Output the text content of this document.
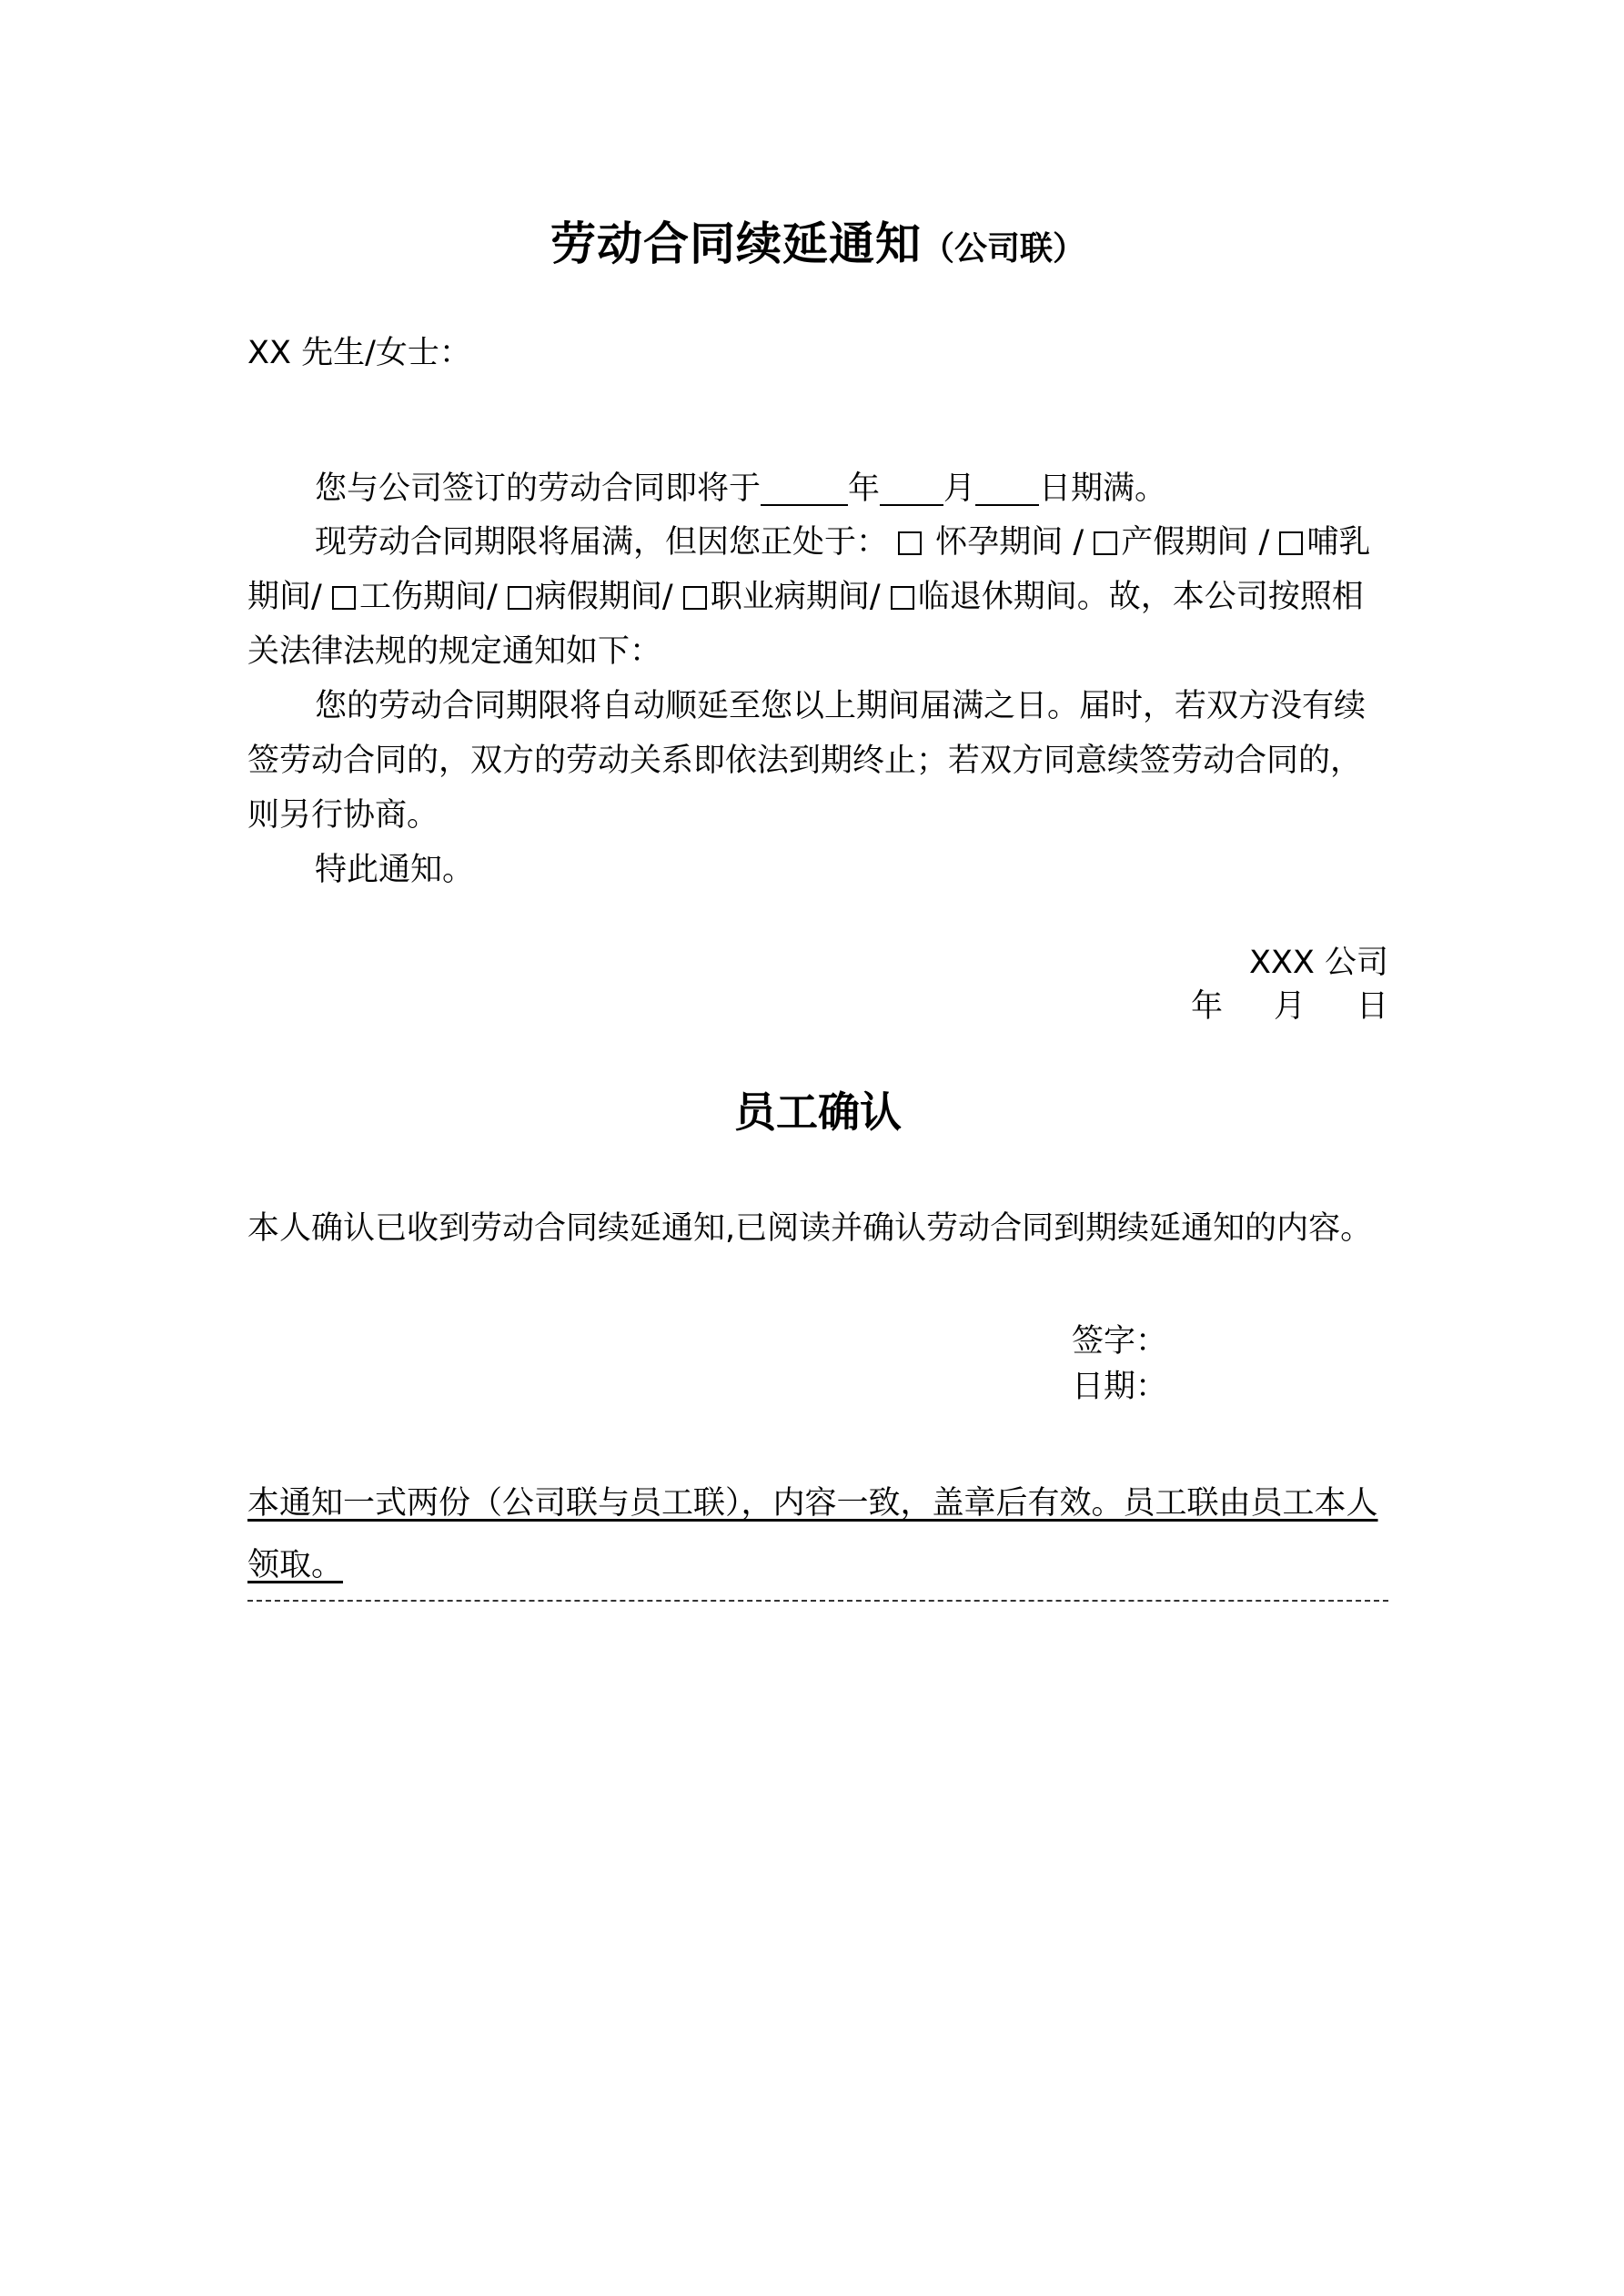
劳动合同续延通知（公司联）
XX 先生/女士：
您与公司签订的劳动合同即将于	年 月 日期满。
现劳动合同期限将届满，但因您正处于： 怀孕期间 / 产假期间 / 哺乳期间/ 工伤期间/ 病假期间/ 职业病期间/ 临退休期间。故，本公司按照相关法律法规的规定通知如下：
您的劳动合同期限将自动顺延至您以上期间届满之日。届时，若双方没有续签劳动合同的，双方的劳动关系即依法到期终止；若双方同意续签劳动合同的，则另行协商。
特此通知。
XXX 公司
年 月 日
员工确认
本人确认已收到劳动合同续延通知,已阅读并确认劳动合同到期续延通知的内容。
签字：
日期：
本通知一式两份（公司联与员工联），内容一致，盖章后有效。员工联由员工本人领取。
